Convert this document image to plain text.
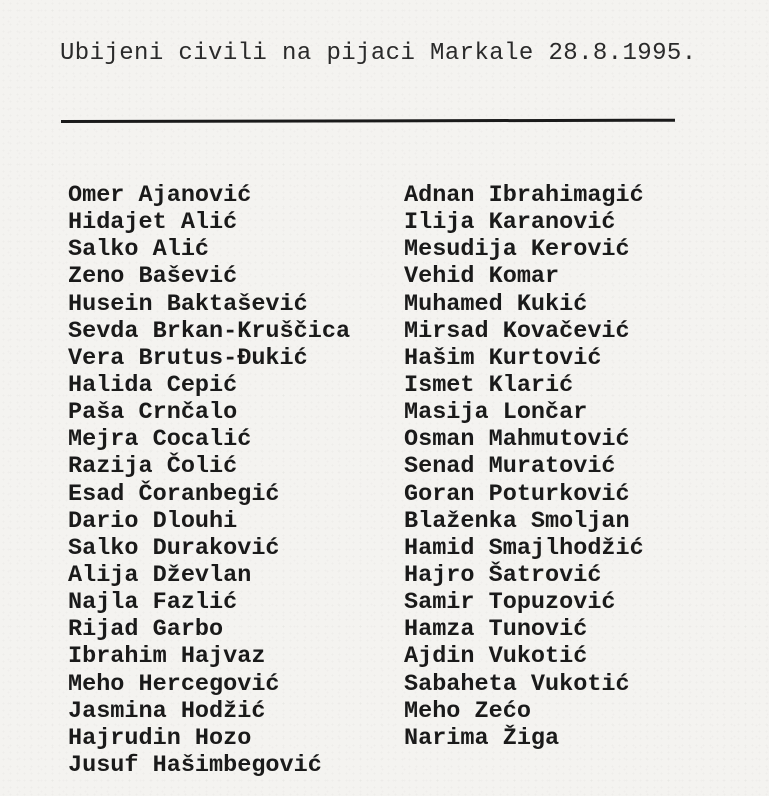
Ubijeni civili na pijaci Markale 28.8.1995.
Omer Ajanović
Hidajet Alić
Salko Alić
Zeno Bašević
Husein Baktašević
Sevda Brkan-Kruščica
Vera Brutus-Đukić
Halida Cepić
Paša Crnčalo
Mejra Cocalić
Razija Čolić
Esad Čoranbegić
Dario Dlouhi
Salko Duraković
Alija Dževlan
Najla Fazlić
Rijad Garbo
Ibrahim Hajvaz
Meho Hercegović
Jasmina Hodžić
Hajrudin Hozo
Jusuf Hašimbegović
Adnan Ibrahimagić
Ilija Karanović
Mesudija Kerović
Vehid Komar
Muhamed Kukić
Mirsad Kovačević
Hašim Kurtović
Ismet Klarić
Masija Lončar
Osman Mahmutović
Senad Muratović
Goran Poturković
Blaženka Smoljan
Hamid Smajlhodžić
Hajro Šatrović
Samir Topuzović
Hamza Tunović
Ajdin Vukotić
Sabaheta Vukotić
Meho Zećo
Narima Žiga
